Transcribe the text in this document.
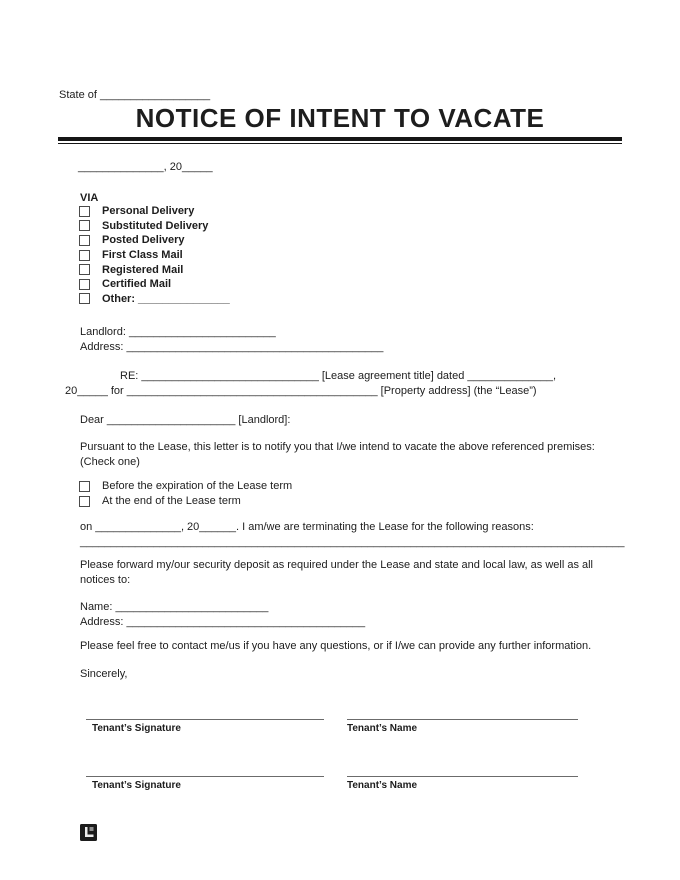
State of __________________
NOTICE OF INTENT TO VACATE
______________, 20_____
VIA
Personal Delivery
Substituted Delivery
Posted Delivery
First Class Mail
Registered Mail
Certified Mail
Other: _______________
Landlord: ________________________
Address: __________________________________________
RE: _____________________________ [Lease agreement title] dated ______________,
20_____ for _________________________________________ [Property address] (the “Lease”)
Dear _____________________ [Landlord]:
Pursuant to the Lease, this letter is to notify you that I/we intend to vacate the above referenced premises: (Check one)
Before the expiration of the Lease term
At the end of the Lease term
on ______________, 20______. I am/we are terminating the Lease for the following reasons:
_________________________________________________________________________________________
Please forward my/our security deposit as required under the Lease and state and local law, as well as all notices to:
Name: _________________________
Address: _______________________________________
Please feel free to contact me/us if you have any questions, or if I/we can provide any further information.
Sincerely,
Tenant’s Signature	Tenant’s Name
Tenant’s Signature	Tenant’s Name
